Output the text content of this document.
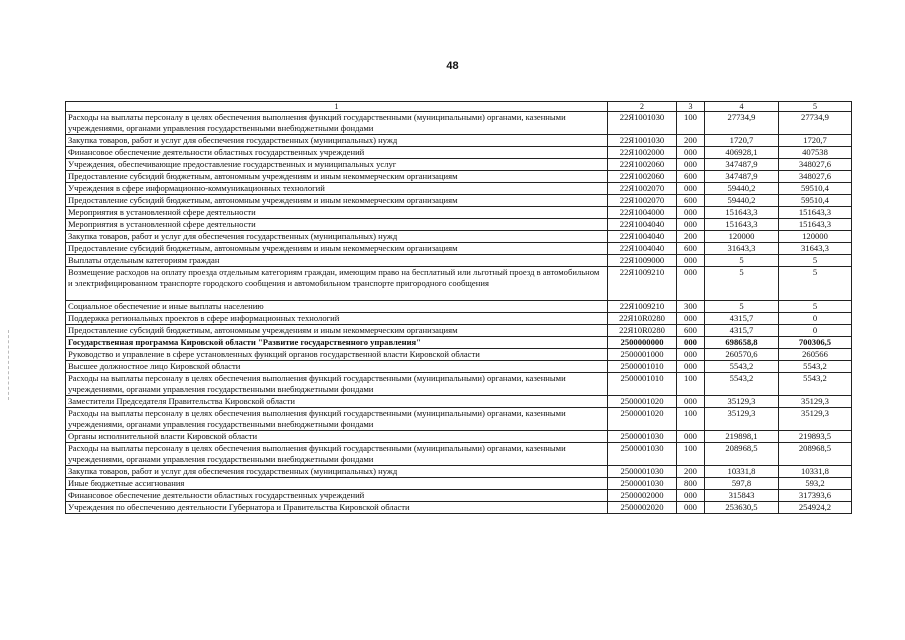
48
1	2	3	4	5
Расходы на выплаты персоналу в целях обеспечения выполнения функций государственными (муниципальными) органами, казенными учреждениями, органами управления государственными внебюджетными фондами	22Я1001030	100	27734,9	27734,9
Закупка товаров, работ и услуг для обеспечения государственных (муниципальных) нужд	22Я1001030	200	1720,7	1720,7
Финансовое обеспечение деятельности областных государственных учреждений	22Я1002000	000	406928,1	407538
Учреждения, обеспечивающие предоставление государственных и муниципальных услуг	22Я1002060	000	347487,9	348027,6
Предоставление субсидий бюджетным, автономным учреждениям и иным некоммерческим организациям	22Я1002060	600	347487,9	348027,6
Учреждения в сфере информационно-коммуникационных технологий	22Я1002070	000	59440,2	59510,4
Предоставление субсидий бюджетным, автономным учреждениям и иным некоммерческим организациям	22Я1002070	600	59440,2	59510,4
Мероприятия в установленной сфере деятельности	22Я1004000	000	151643,3	151643,3
Мероприятия в установленной сфере деятельности	22Я1004040	000	151643,3	151643,3
Закупка товаров, работ и услуг для обеспечения государственных (муниципальных) нужд	22Я1004040	200	120000	120000
Предоставление субсидий бюджетным, автономным учреждениям и иным некоммерческим организациям	22Я1004040	600	31643,3	31643,3
Выплаты отдельным категориям граждан	22Я1009000	000	5	5
Возмещение расходов на оплату проезда отдельным категориям граждан, имеющим право на бесплатный или льготный проезд в автомобильном и электрифицированном транспорте городского сообщения и автомобильном транспорте пригородного сообщения	22Я1009210	000	5	5
Социальное обеспечение и иные выплаты населению	22Я1009210	300	5	5
Поддержка региональных проектов в сфере информационных технологий	22Я10R0280	000	4315,7	0
Предоставление субсидий бюджетным, автономным учреждениям и иным некоммерческим организациям	22Я10R0280	600	4315,7	0
Государственная программа Кировской области "Развитие государственного управления"	2500000000	000	698658,8	700306,5
Руководство и управление в сфере установленных функций органов государственной власти Кировской области	2500001000	000	260570,6	260566
Высшее должностное лицо Кировской области	2500001010	000	5543,2	5543,2
Расходы на выплаты персоналу в целях обеспечения выполнения функций государственными (муниципальными) органами, казенными учреждениями, органами управления государственными внебюджетными фондами	2500001010	100	5543,2	5543,2
Заместители Председателя Правительства Кировской области	2500001020	000	35129,3	35129,3
Расходы на выплаты персоналу в целях обеспечения выполнения функций государственными (муниципальными) органами, казенными учреждениями, органами управления государственными внебюджетными фондами	2500001020	100	35129,3	35129,3
Органы исполнительной власти Кировской области	2500001030	000	219898,1	219893,5
Расходы на выплаты персоналу в целях обеспечения выполнения функций государственными (муниципальными) органами, казенными учреждениями, органами управления государственными внебюджетными фондами	2500001030	100	208968,5	208968,5
Закупка товаров, работ и услуг для обеспечения государственных (муниципальных) нужд	2500001030	200	10331,8	10331,8
Иные бюджетные ассигнования	2500001030	800	597,8	593,2
Финансовое обеспечение деятельности областных государственных учреждений	2500002000	000	315843	317393,6
Учреждения по обеспечению деятельности Губернатора и Правительства Кировской области	2500002020	000	253630,5	254924,2
